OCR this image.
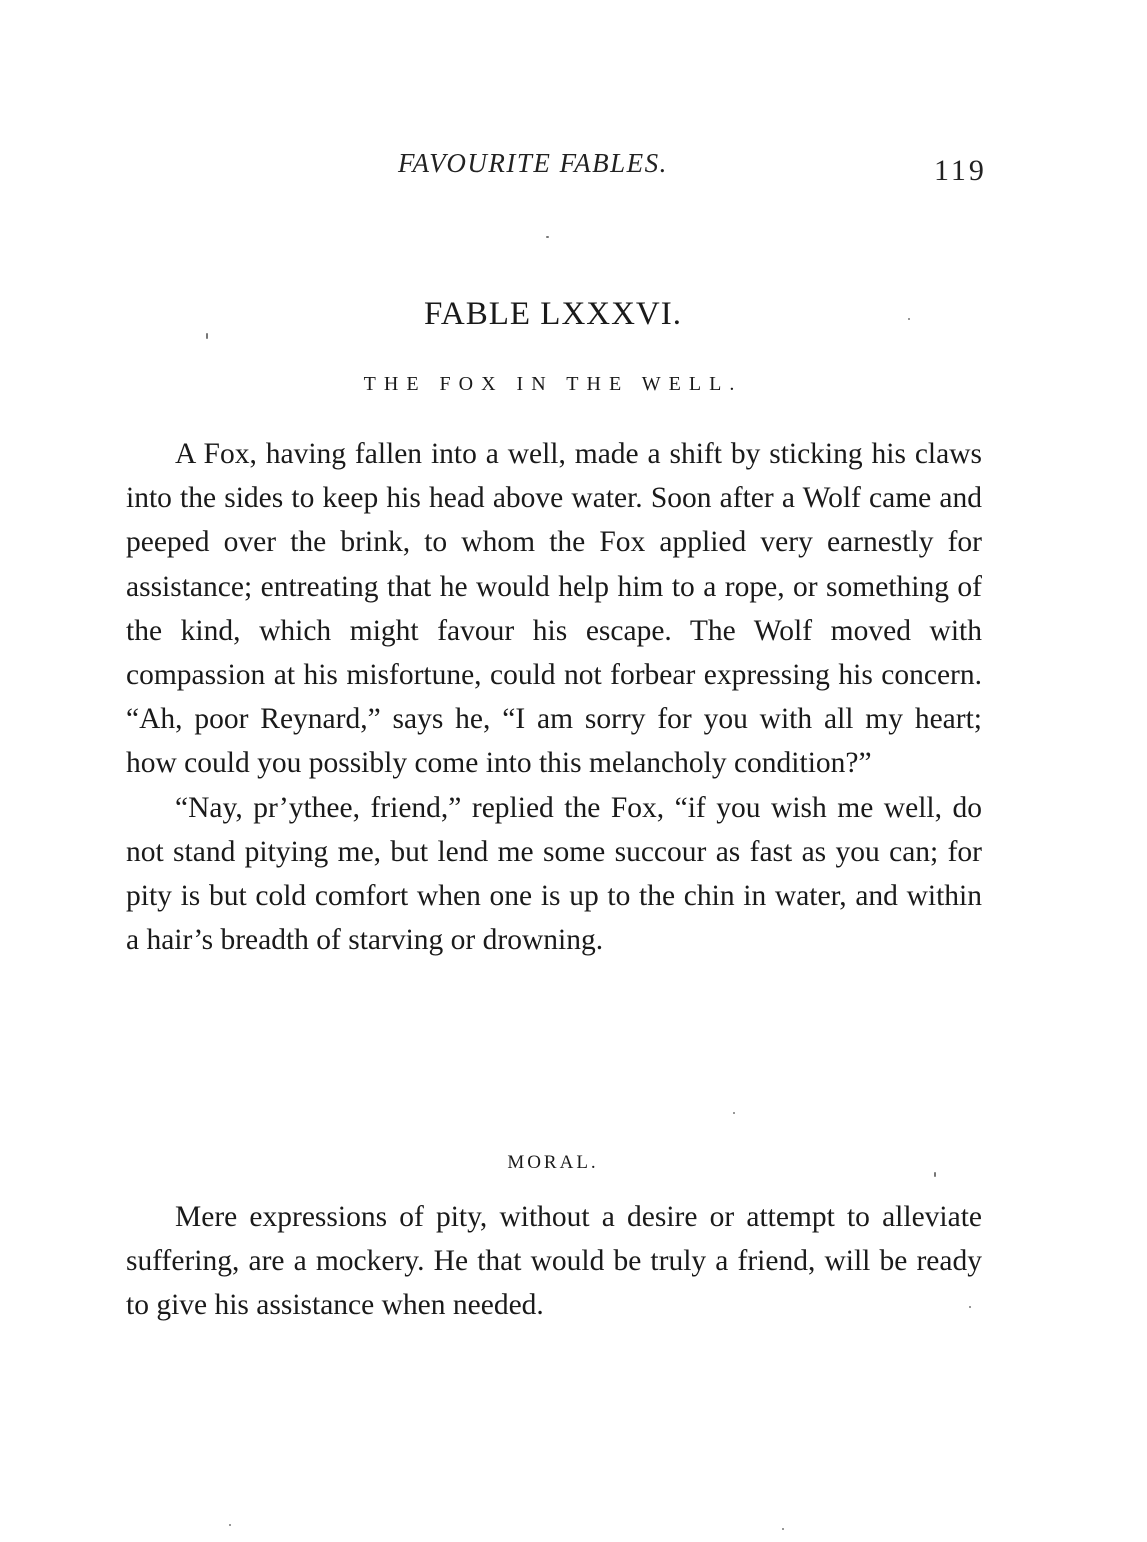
FAVOURITE FABLES.	119
FABLE LXXXVI.
THE FOX IN THE WELL.

A Fox, having fallen into a well, made a shift by sticking his claws into the sides to keep his head above water. Soon after a Wolf came and peeped over the brink, to whom the Fox applied very earnestly for assistance; entreating that he would help him to a rope, or something of the kind, which might favour his escape. The Wolf moved with compassion at his misfortune, could not forbear expressing his concern. “Ah, poor Reynard,” says he, “I am sorry for you with all my heart; how could you possibly come into this melancholy condition?”

“Nay, pr’ythee, friend,” replied the Fox, “if you wish me well, do not stand pitying me, but lend me some succour as fast as you can; for pity is but cold comfort when one is up to the chin in water, and within a hair’s breadth of starving or drowning.

MORAL.

Mere expressions of pity, without a desire or attempt to alleviate suffering, are a mockery. He that would be truly a friend, will be ready to give his assistance when needed.
